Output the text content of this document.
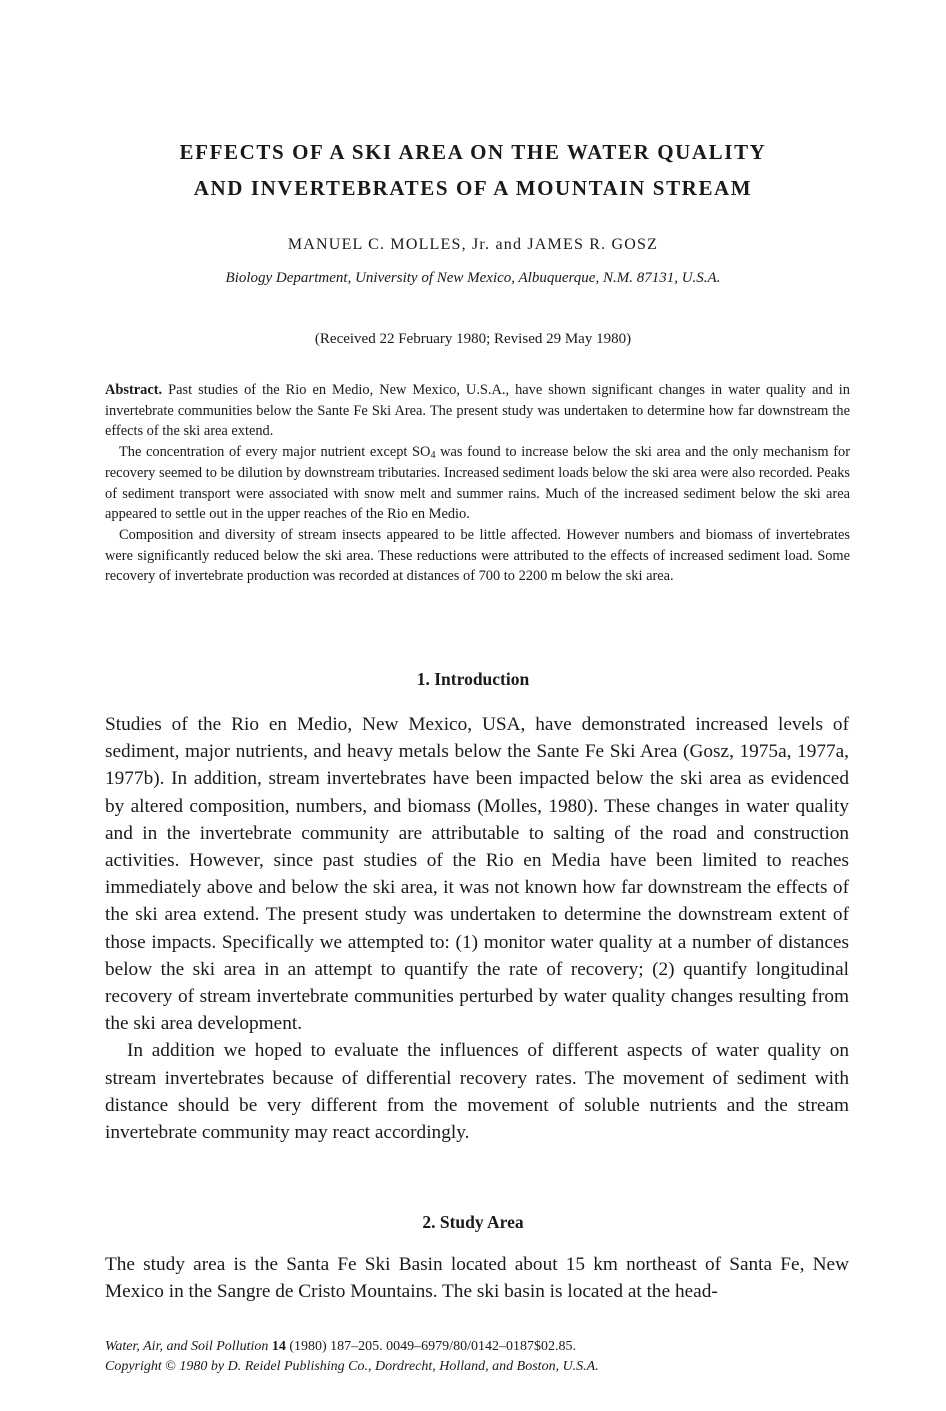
EFFECTS OF A SKI AREA ON THE WATER QUALITY
AND INVERTEBRATES OF A MOUNTAIN STREAM
MANUEL C. MOLLES, Jr. and JAMES R. GOSZ
Biology Department, University of New Mexico, Albuquerque, N.M. 87131, U.S.A.
(Received 22 February 1980; Revised 29 May 1980)

Abstract. Past studies of the Rio en Medio, New Mexico, U.S.A., have shown significant changes in water quality and in invertebrate communities below the Sante Fe Ski Area. The present study was undertaken to determine how far downstream the effects of the ski area extend.

The concentration of every major nutrient except $SO_4$ was found to increase below the ski area and the only mechanism for recovery seemed to be dilution by downstream tributaries. Increased sediment loads below the ski area were also recorded. Peaks of sediment transport were associated with snow melt and summer rains. Much of the increased sediment below the ski area appeared to settle out in the upper reaches of the Rio en Medio.

Composition and diversity of stream insects appeared to be little affected. However numbers and biomass of invertebrates were significantly reduced below the ski area. These reductions were attributed to the effects of increased sediment load. Some recovery of invertebrate production was recorded at distances of 700 to 2200 m below the ski area.

1. Introduction

Studies of the Rio en Medio, New Mexico, USA, have demonstrated increased levels of sediment, major nutrients, and heavy metals below the Sante Fe Ski Area (Gosz, 1975a, 1977a, 1977b). In addition, stream invertebrates have been impacted below the ski area as evidenced by altered composition, numbers, and biomass (Molles, 1980). These changes in water quality and in the invertebrate community are attributable to salting of the road and construction activities. However, since past studies of the Rio en Media have been limited to reaches immediately above and below the ski area, it was not known how far downstream the effects of the ski area extend. The present study was undertaken to determine the downstream extent of those impacts. Specifically we attempted to: (1) monitor water quality at a number of distances below the ski area in an attempt to quantify the rate of recovery; (2) quantify longitudinal recovery of stream invertebrate communities perturbed by water quality changes resulting from the ski area development.

In addition we hoped to evaluate the influences of different aspects of water quality on stream invertebrates because of differential recovery rates. The movement of sediment with distance should be very different from the movement of soluble nutrients and the stream invertebrate community may react accordingly.

2. Study Area

The study area is the Santa Fe Ski Basin located about 15 km northeast of Santa Fe, New Mexico in the Sangre de Cristo Mountains. The ski basin is located at the head-

Water, Air, and Soil Pollution 14 (1980) 187–205. 0049–6979/80/0142–0187$02.85.
Copyright © 1980 by D. Reidel Publishing Co., Dordrecht, Holland, and Boston, U.S.A.
